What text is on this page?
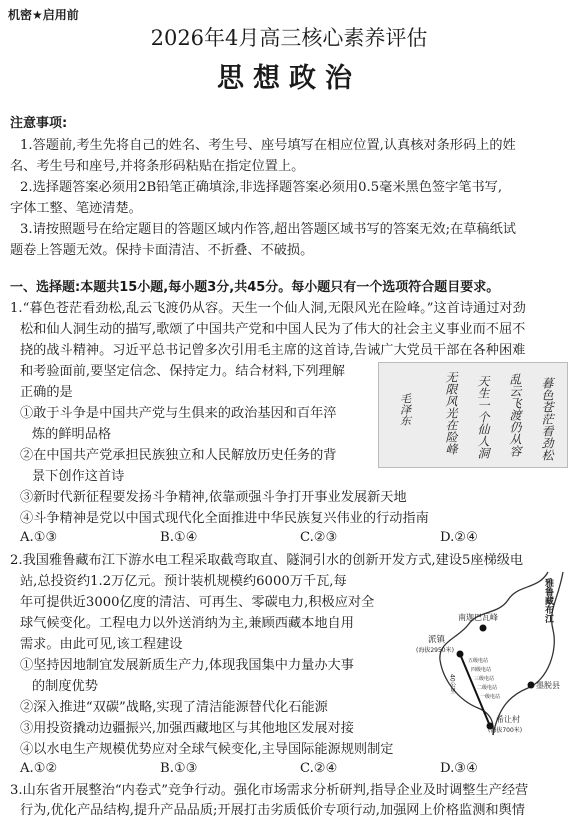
机密★启用前
2026年4月高三核心素养评估
思想政治
注意事项:
1.答题前,考生先将自己的姓名、考生号、座号填写在相应位置,认真核对条形码上的姓
名、考生号和座号,并将条形码粘贴在指定位置上。
2.选择题答案必须用2B铅笔正确填涂,非选择题答案必须用0.5毫米黑色签字笔书写,
字体工整、笔迹清楚。
3.请按照题号在给定题目的答题区域内作答,超出答题区域书写的答案无效;在草稿纸试
题卷上答题无效。保持卡面清洁、不折叠、不破损。
一、选择题:本题共15小题,每小题3分,共45分。每小题只有一个选项符合题目要求。
1.“暮色苍茫看劲松,乱云飞渡仍从容。天生一个仙人洞,无限风光在险峰。”这首诗通过对劲
松和仙人洞生动的描写,歌颂了中国共产党和中国人民为了伟大的社会主义事业而不屈不
挠的战斗精神。习近平总书记曾多次引用毛主席的这首诗,告诫广大党员干部在各种困难
和考验面前,要坚定信念、保持定力。结合材料,下列理解
正确的是
①敢于斗争是中国共产党与生俱来的政治基因和百年淬
炼的鲜明品格
②在中国共产党承担民族独立和人民解放历史任务的背
景下创作这首诗
③新时代新征程要发扬斗争精神,依靠顽强斗争打开事业发展新天地
④斗争精神是党以中国式现代化全面推进中华民族复兴伟业的行动指南
A.①③	B.①④	C.②③	D.②④
暮色苍茫看劲松
乱云飞渡仍从容
天生一个仙人洞
无限风光在险峰
毛泽东
2.我国雅鲁藏布江下游水电工程采取截弯取直、隧洞引水的创新开发方式,建设5座梯级电
站,总投资约1.2万亿元。预计装机规模约6000万千瓦,每
年可提供近3000亿度的清洁、可再生、零碳电力,积极应对全
球气候变化。工程电力以外送消纳为主,兼顾西藏本地自用
需求。由此可见,该工程建设
①坚持因地制宜发展新质生产力,体现我国集中力量办大事
的制度优势
②深入推进“双碳”战略,实现了清洁能源替代化石能源
③用投资撬动边疆振兴,加强西藏地区与其他地区发展对接
④以水电生产规模优势应对全球气候变化,主导国际能源规则制定
A.①②	B.①③	C.②④	D.③④
雅鲁藏布江
派镇
(海拔2950米)
南迦巴瓦峰
墨脱县
希让村
(海拔700米)
五级电站
四级电站
三级电站
二级电站
一级电站
40公里
3.山东省开展整治“内卷式”竞争行动。强化市场需求分析研判,指导企业及时调整生产经营
行为,优化产品结构,提升产品品质;开展打击劣质低价专项行动,加强网上价格监测和舆情
